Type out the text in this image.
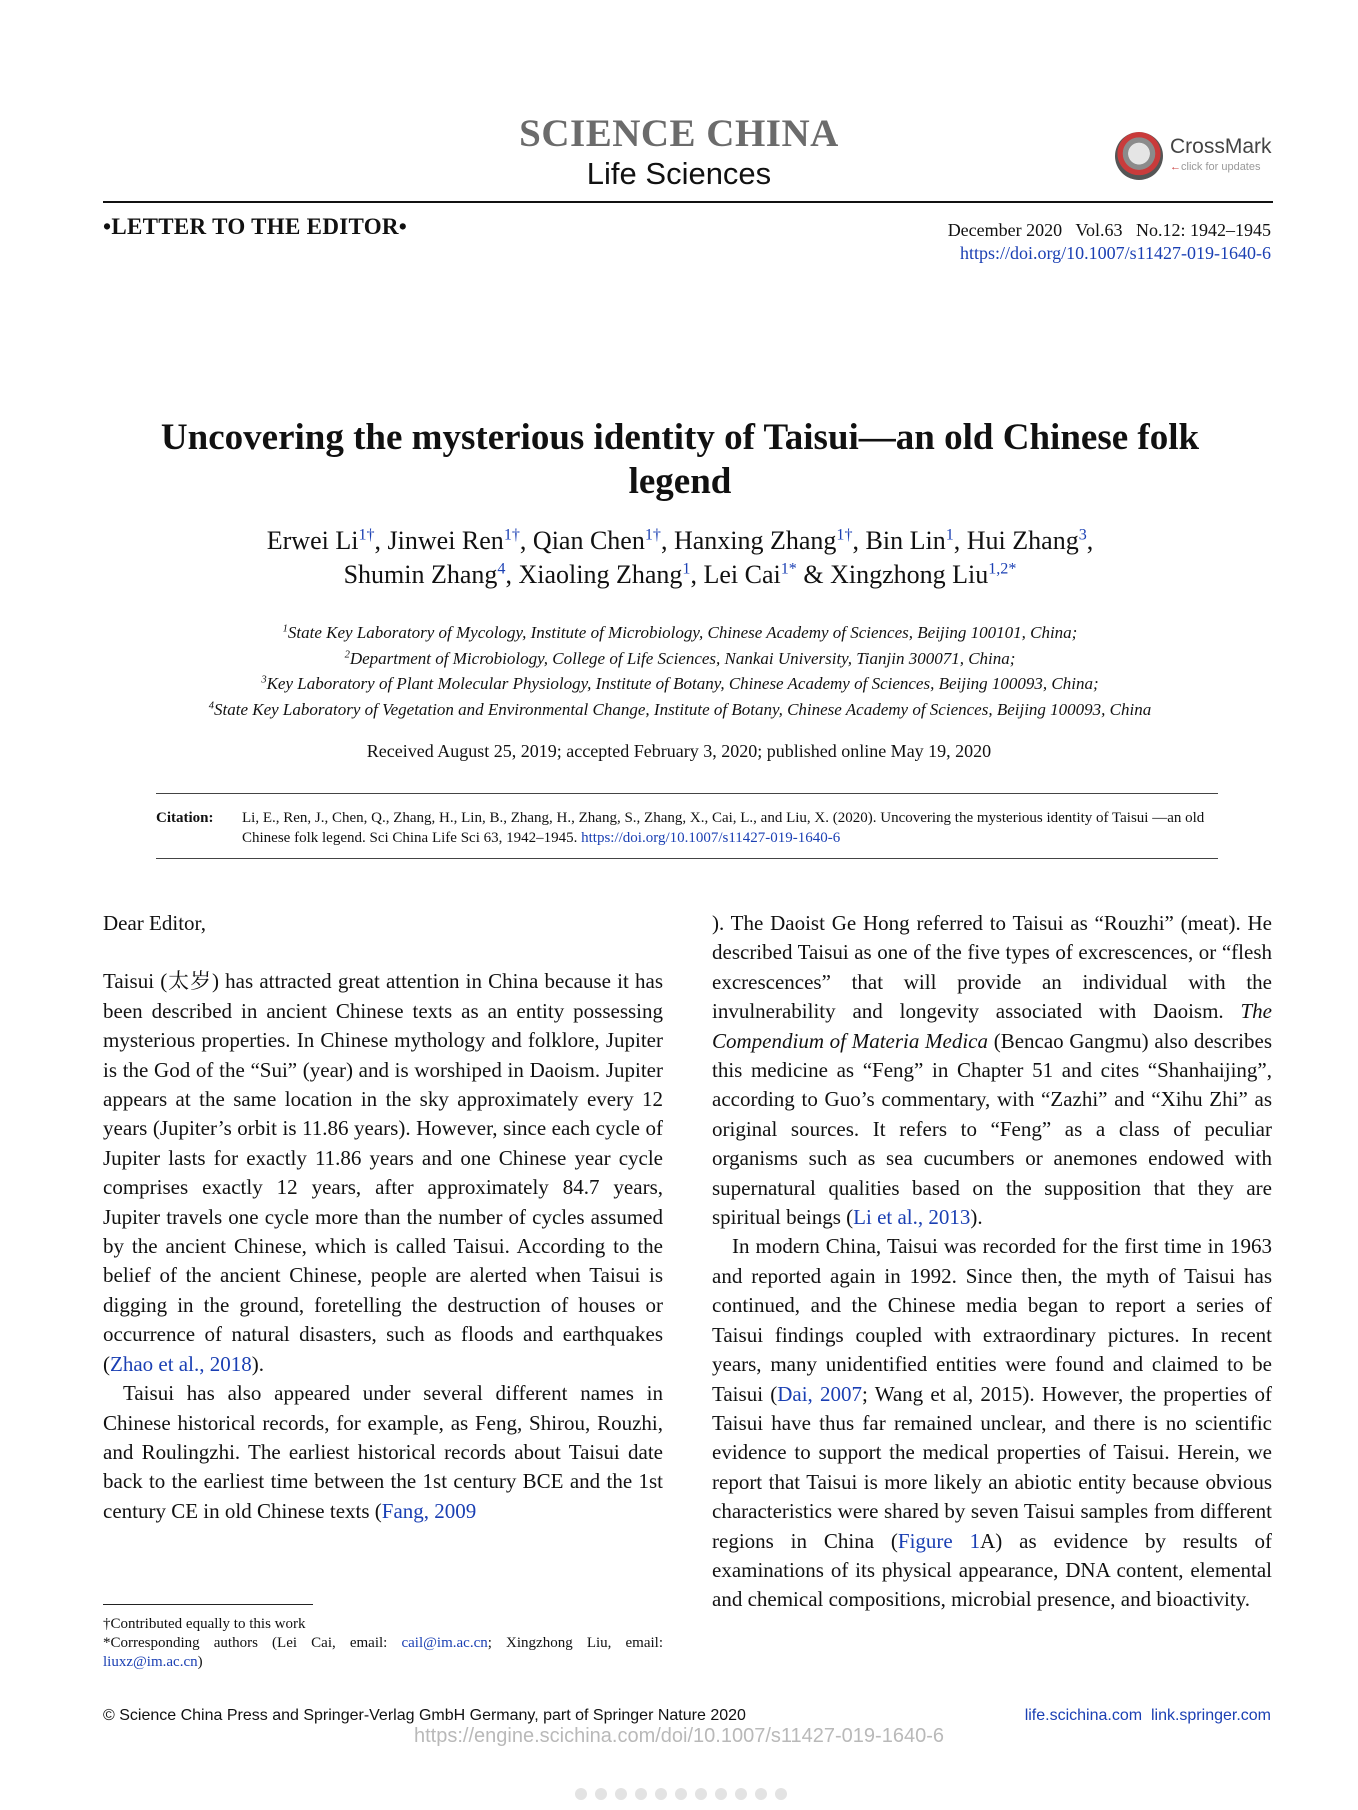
SCIENCE CHINA
Life Sciences
CrossMark
←click for updates
•LETTER TO THE EDITOR•	December 2020   Vol.63   No.12: 1942–1945
https://doi.org/10.1007/s11427-019-1640-6
Uncovering the mysterious identity of Taisui—an old Chinese folk legend
Erwei $Li^{1\dagger}$, Jinwei Ren$^{1\dagger}$, Qian Chen$^{1\dagger}$, Hanxing Zhang$^{1\dagger}$, Bin Lin$^1$, Hui Zhang$^3$,
Shumin Zhang$^4$, Xiaoling Zhang$^1$, Lei Cai$^{1*}$ & Xingzhong Liu$^{1,2*}$
$^1$State Key Laboratory of Mycology, Institute of Microbiology, Chinese Academy of Sciences, Beijing 100101, China;
$^2$Department of Microbiology, College of Life Sciences, Nankai University, Tianjin 300071, China;
$^3$Key Laboratory of Plant Molecular Physiology, Institute of Botany, Chinese Academy of Sciences, Beijing 100093, China;
$^4$State Key Laboratory of Vegetation and Environmental Change, Institute of Botany, Chinese Academy of Sciences, Beijing 100093, China
Received August 25, 2019; accepted February 3, 2020; published online May 19, 2020
Citation: Li, E., Ren, J., Chen, Q., Zhang, H., Lin, B., Zhang, H., Zhang, S., Zhang, X., Cai, L., and Liu, X. (2020). Uncovering the mysterious identity of Taisui —an old Chinese folk legend. Sci China Life Sci 63, 1942–1945. https://doi.org/10.1007/s11427-019-1640-6

Dear Editor,

Taisui (太岁) has attracted great attention in China because it has been described in ancient Chinese texts as an entity possessing mysterious properties. In Chinese mythology and folklore, Jupiter is the God of the “Sui” (year) and is worshiped in Daoism. Jupiter appears at the same location in the sky approximately every 12 years (Jupiter’s orbit is 11.86 years). However, since each cycle of Jupiter lasts for exactly 11.86 years and one Chinese year cycle comprises exactly 12 years, after approximately 84.7 years, Jupiter travels one cycle more than the number of cycles assumed by the ancient Chinese, which is called Taisui. According to the belief of the ancient Chinese, people are alerted when Taisui is digging in the ground, foretelling the destruction of houses or occurrence of natural disasters, such as floods and earthquakes (Zhao et al., 2018).

Taisui has also appeared under several different names in Chinese historical records, for example, as Feng, Shirou, Rouzhi, and Roulingzhi. The earliest historical records about Taisui date back to the earliest time between the 1st century BCE and the 1st century CE in old Chinese texts (Fang, 2009

). The Daoist Ge Hong referred to Taisui as “Rouzhi” (meat). He described Taisui as one of the five types of excrescences, or “flesh excrescences” that will provide an individual with the invulnerability and longevity associated with Daoism. The Compendium of Materia Medica (Bencao Gangmu) also describes this medicine as “Feng” in Chapter 51 and cites “Shanhaijing”, according to Guo’s commentary, with “Zazhi” and “Xihu Zhi” as original sources. It refers to “Feng” as a class of peculiar organisms such as sea cucumbers or anemones endowed with supernatural qualities based on the supposition that they are spiritual beings (Li et al., 2013).

In modern China, Taisui was recorded for the first time in 1963 and reported again in 1992. Since then, the myth of Taisui has continued, and the Chinese media began to report a series of Taisui findings coupled with extraordinary pictures. In recent years, many unidentified entities were found and claimed to be Taisui (Dai, 2007; Wang et al, 2015). However, the properties of Taisui have thus far remained unclear, and there is no scientific evidence to support the medical properties of Taisui. Herein, we report that Taisui is more likely an abiotic entity because obvious characteristics were shared by seven Taisui samples from different regions in China (Figure 1A) as evidence by results of examinations of its physical appearance, DNA content, elemental and chemical compositions, microbial presence, and bioactivity.

†Contributed equally to this work
*Corresponding authors (Lei Cai, email: cail@im.ac.cn; Xingzhong Liu, email: liuxz@im.ac.cn)
© Science China Press and Springer-Verlag GmbH Germany, part of Springer Nature 2020	life.scichina.com link.springer.com
https://engine.scichina.com/doi/10.1007/s11427-019-1640-6
